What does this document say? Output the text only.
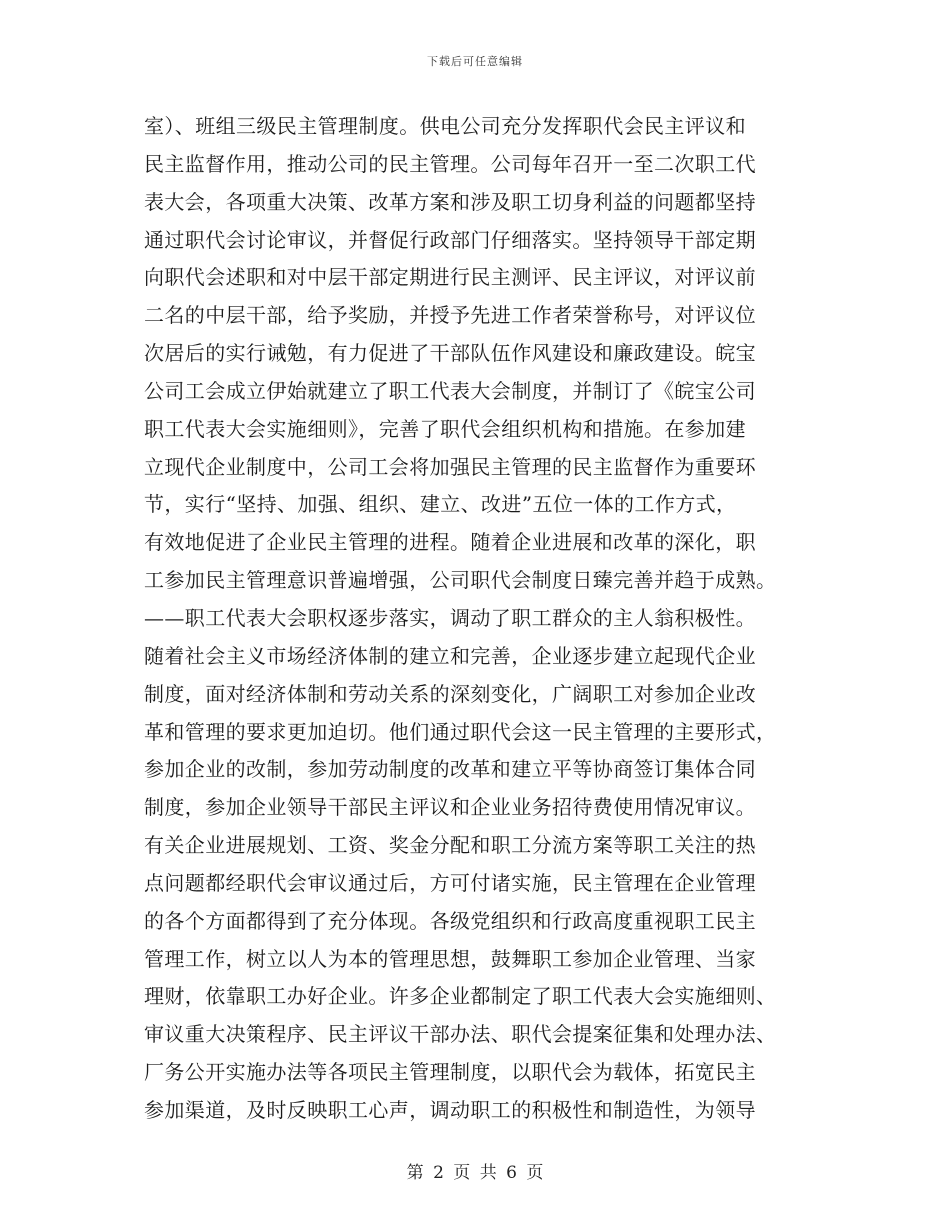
下载后可任意编辑
室）、班组三级民主管理制度。供电公司充分发挥职代会民主评议和
民主监督作用，推动公司的民主管理。公司每年召开一至二次职工代
表大会，各项重大决策、改革方案和涉及职工切身利益的问题都坚持
通过职代会讨论审议，并督促行政部门仔细落实。坚持领导干部定期
向职代会述职和对中层干部定期进行民主测评、民主评议，对评议前
二名的中层干部，给予奖励，并授予先进工作者荣誉称号，对评议位
次居后的实行诫勉，有力促进了干部队伍作风建设和廉政建设。皖宝
公司工会成立伊始就建立了职工代表大会制度，并制订了《皖宝公司
职工代表大会实施细则》，完善了职代会组织机构和措施。在参加建
立现代企业制度中，公司工会将加强民主管理的民主监督作为重要环
节，实行“坚持、加强、组织、建立、改进”五位一体的工作方式，
有效地促进了企业民主管理的进程。随着企业进展和改革的深化，职
工参加民主管理意识普遍增强，公司职代会制度日臻完善并趋于成熟。
——职工代表大会职权逐步落实，调动了职工群众的主人翁积极性。
随着社会主义市场经济体制的建立和完善，企业逐步建立起现代企业
制度，面对经济体制和劳动关系的深刻变化，广阔职工对参加企业改
革和管理的要求更加迫切。他们通过职代会这一民主管理的主要形式，
参加企业的改制，参加劳动制度的改革和建立平等协商签订集体合同
制度，参加企业领导干部民主评议和企业业务招待费使用情况审议。
有关企业进展规划、工资、奖金分配和职工分流方案等职工关注的热
点问题都经职代会审议通过后，方可付诸实施，民主管理在企业管理
的各个方面都得到了充分体现。各级党组织和行政高度重视职工民主
管理工作，树立以人为本的管理思想，鼓舞职工参加企业管理、当家
理财，依靠职工办好企业。许多企业都制定了职工代表大会实施细则、
审议重大决策程序、民主评议干部办法、职代会提案征集和处理办法、
厂务公开实施办法等各项民主管理制度，以职代会为载体，拓宽民主
参加渠道，及时反映职工心声，调动职工的积极性和制造性，为领导
第 2 页 共 6 页
